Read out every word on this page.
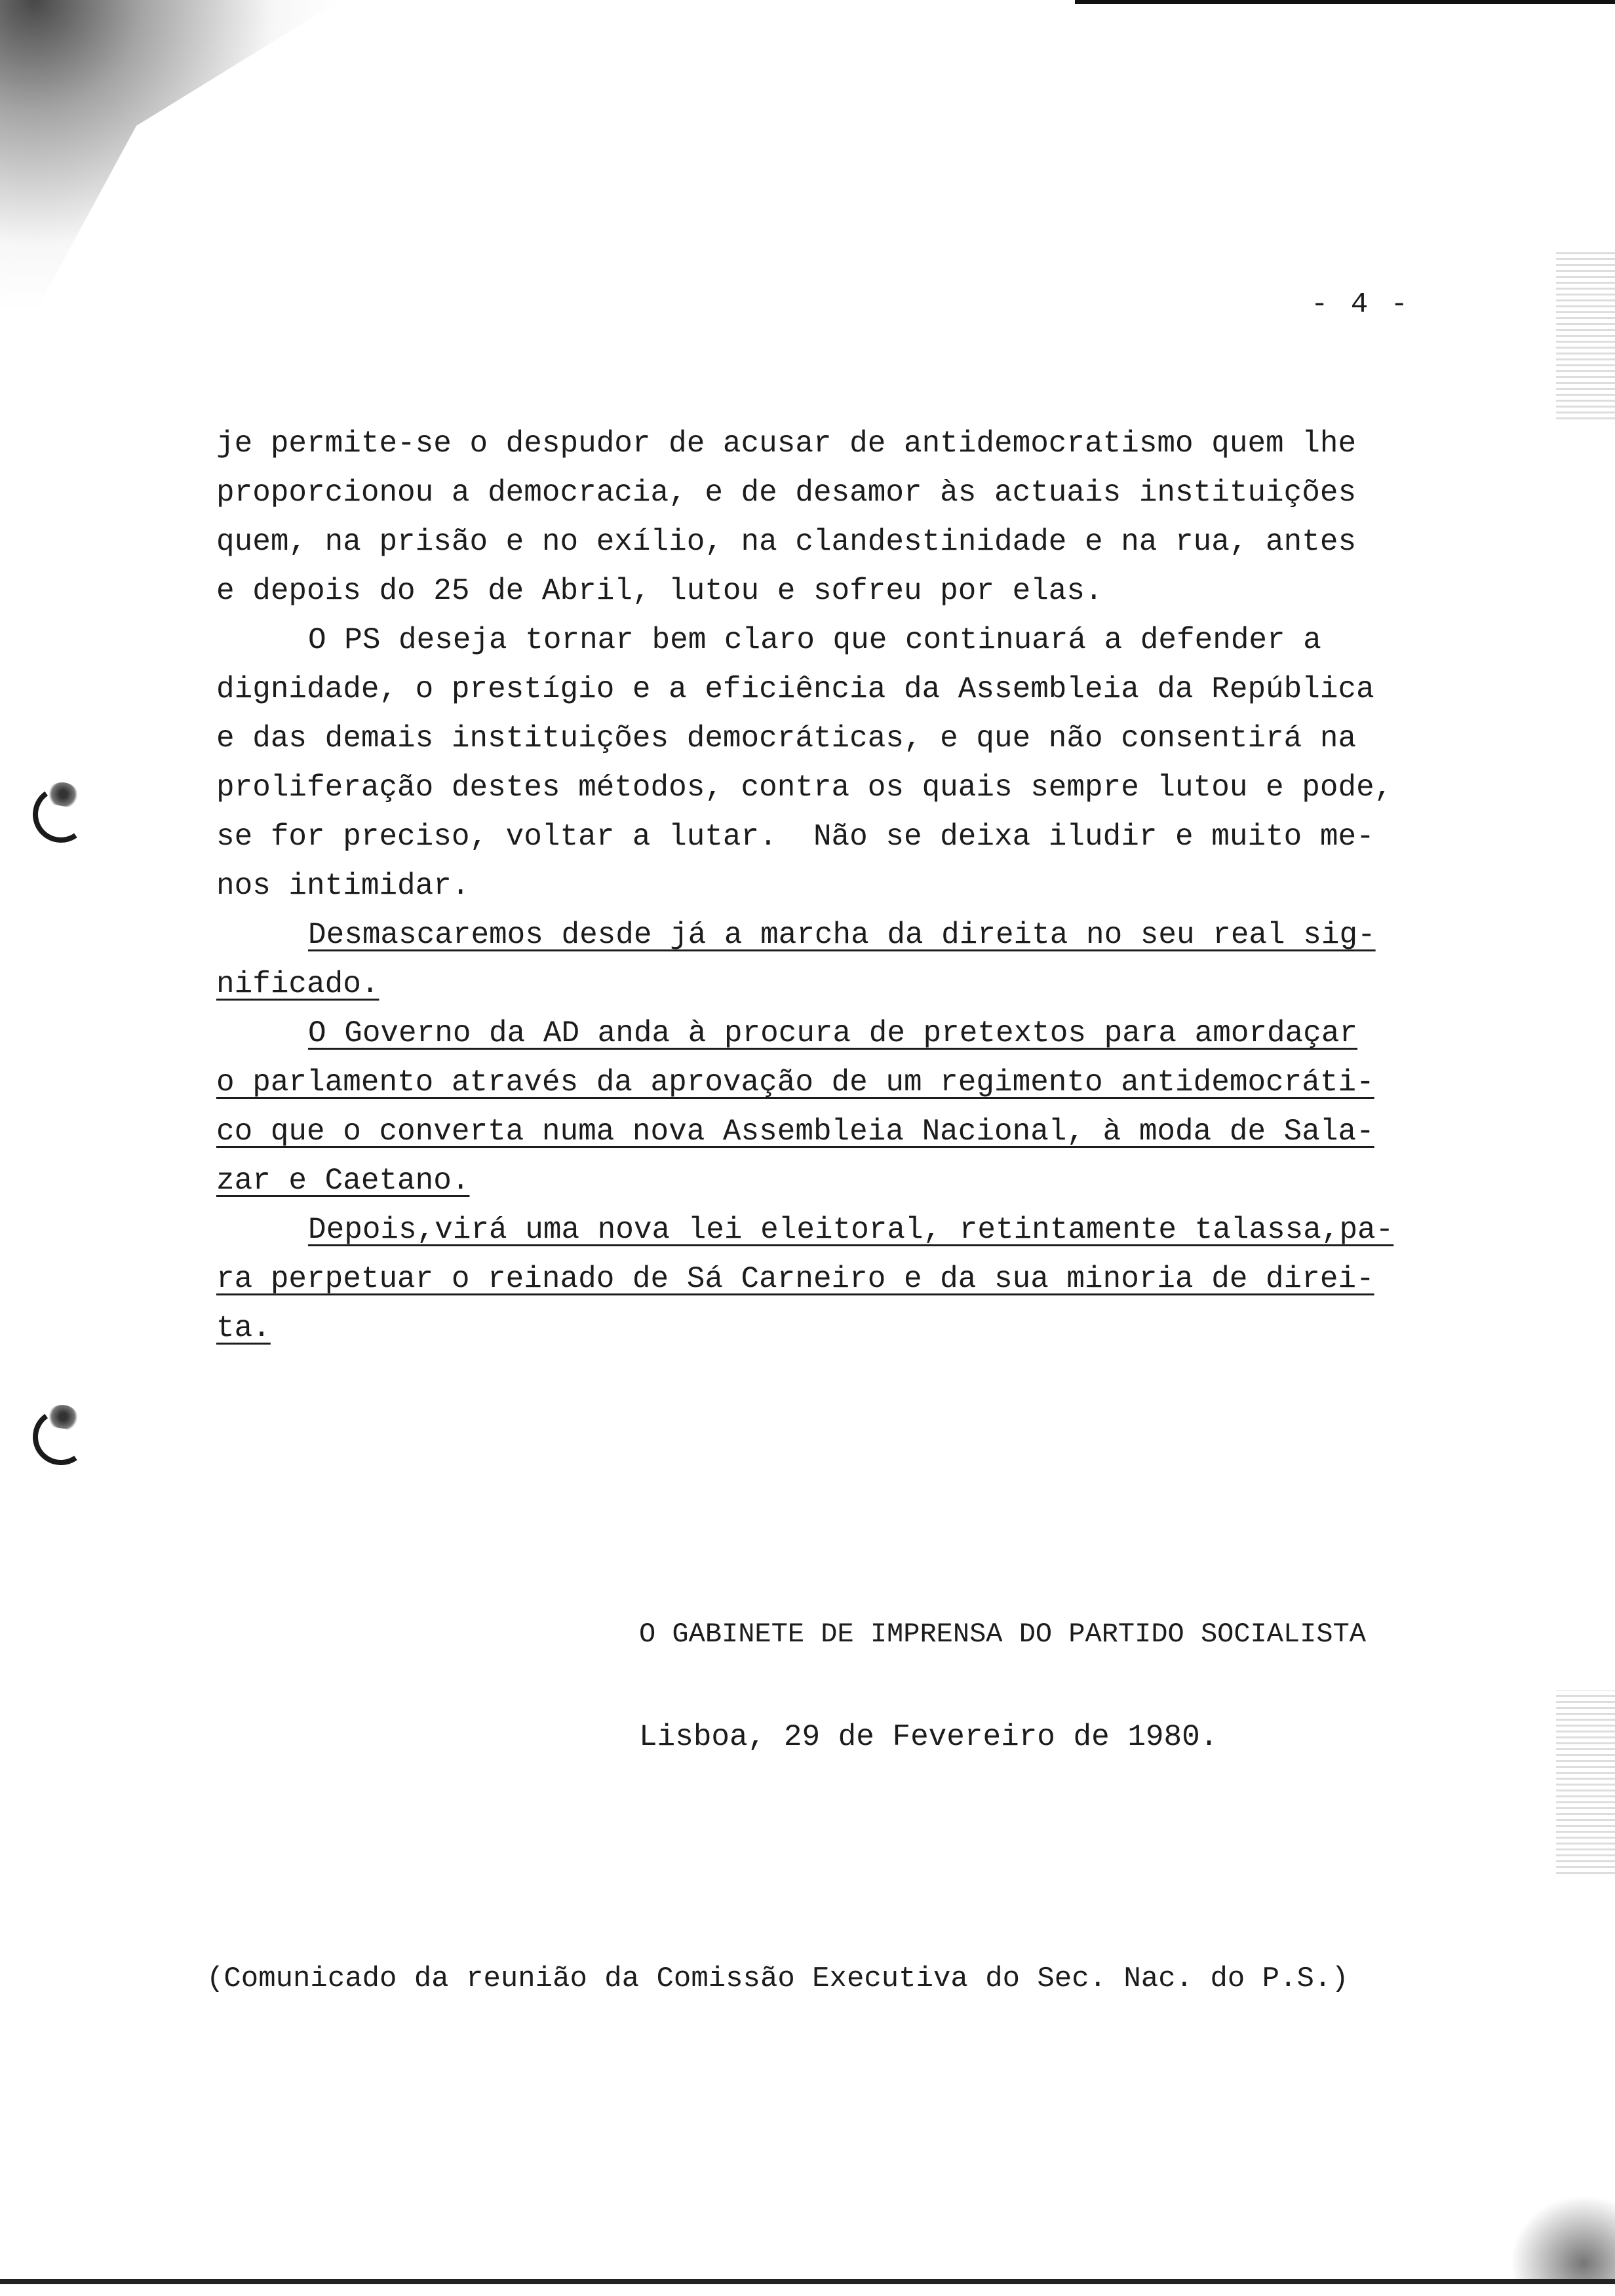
- 4 -
je permite-se o despudor de acusar de antidemocratismo quem lhe
proporcionou a democracia, e de desamor às actuais instituições
quem, na prisão e no exílio, na clandestinidade e na rua, antes
e depois do 25 de Abril, lutou e sofreu por elas.
O PS deseja tornar bem claro que continuará a defender a
dignidade, o prestígio e a eficiência da Assembleia da República
e das demais instituições democráticas, e que não consentirá na
proliferação destes métodos, contra os quais sempre lutou e pode,
se for preciso, voltar a lutar.  Não se deixa iludir e muito me-
nos intimidar.
Desmascaremos desde já a marcha da direita no seu real sig-
nificado.
O Governo da AD anda à procura de pretextos para amordaçar
o parlamento através da aprovação de um regimento antidemocráti-
co que o converta numa nova Assembleia Nacional, à moda de Sala-
zar e Caetano.
Depois,virá uma nova lei eleitoral, retintamente talassa,pa-
ra perpetuar o reinado de Sá Carneiro e da sua minoria de direi-
ta.
O GABINETE DE IMPRENSA DO PARTIDO SOCIALISTA
Lisboa, 29 de Fevereiro de 1980.
(Comunicado da reunião da Comissão Executiva do Sec. Nac. do P.S.)
